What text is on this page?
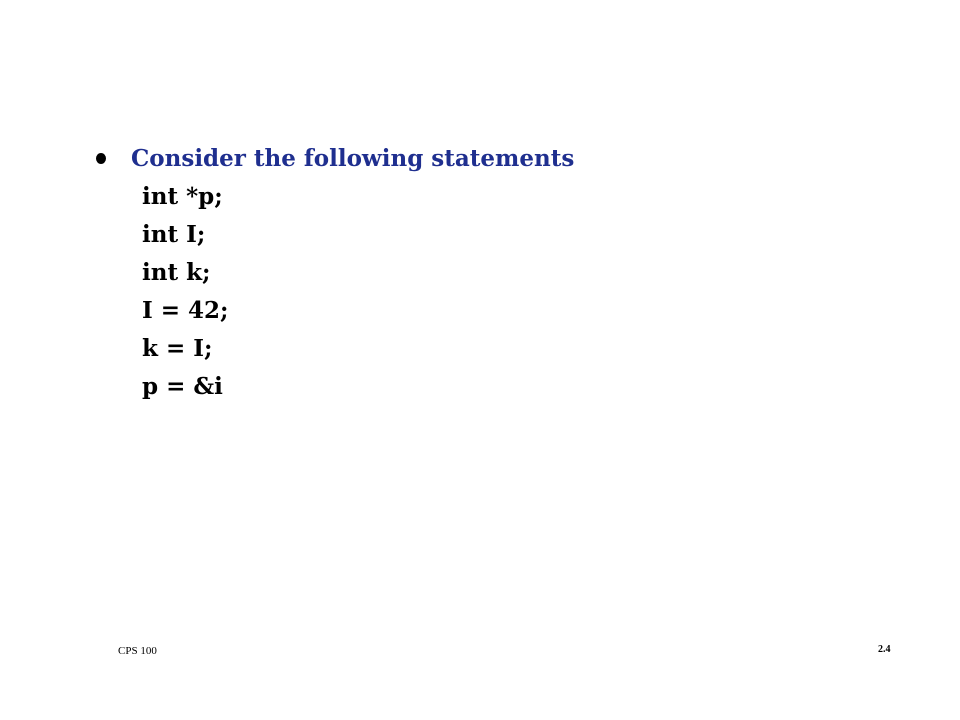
Consider the following statements
int *p;
int I;
int k;
I = 42;
k = I;
p = &i
CPS 100	2.4
